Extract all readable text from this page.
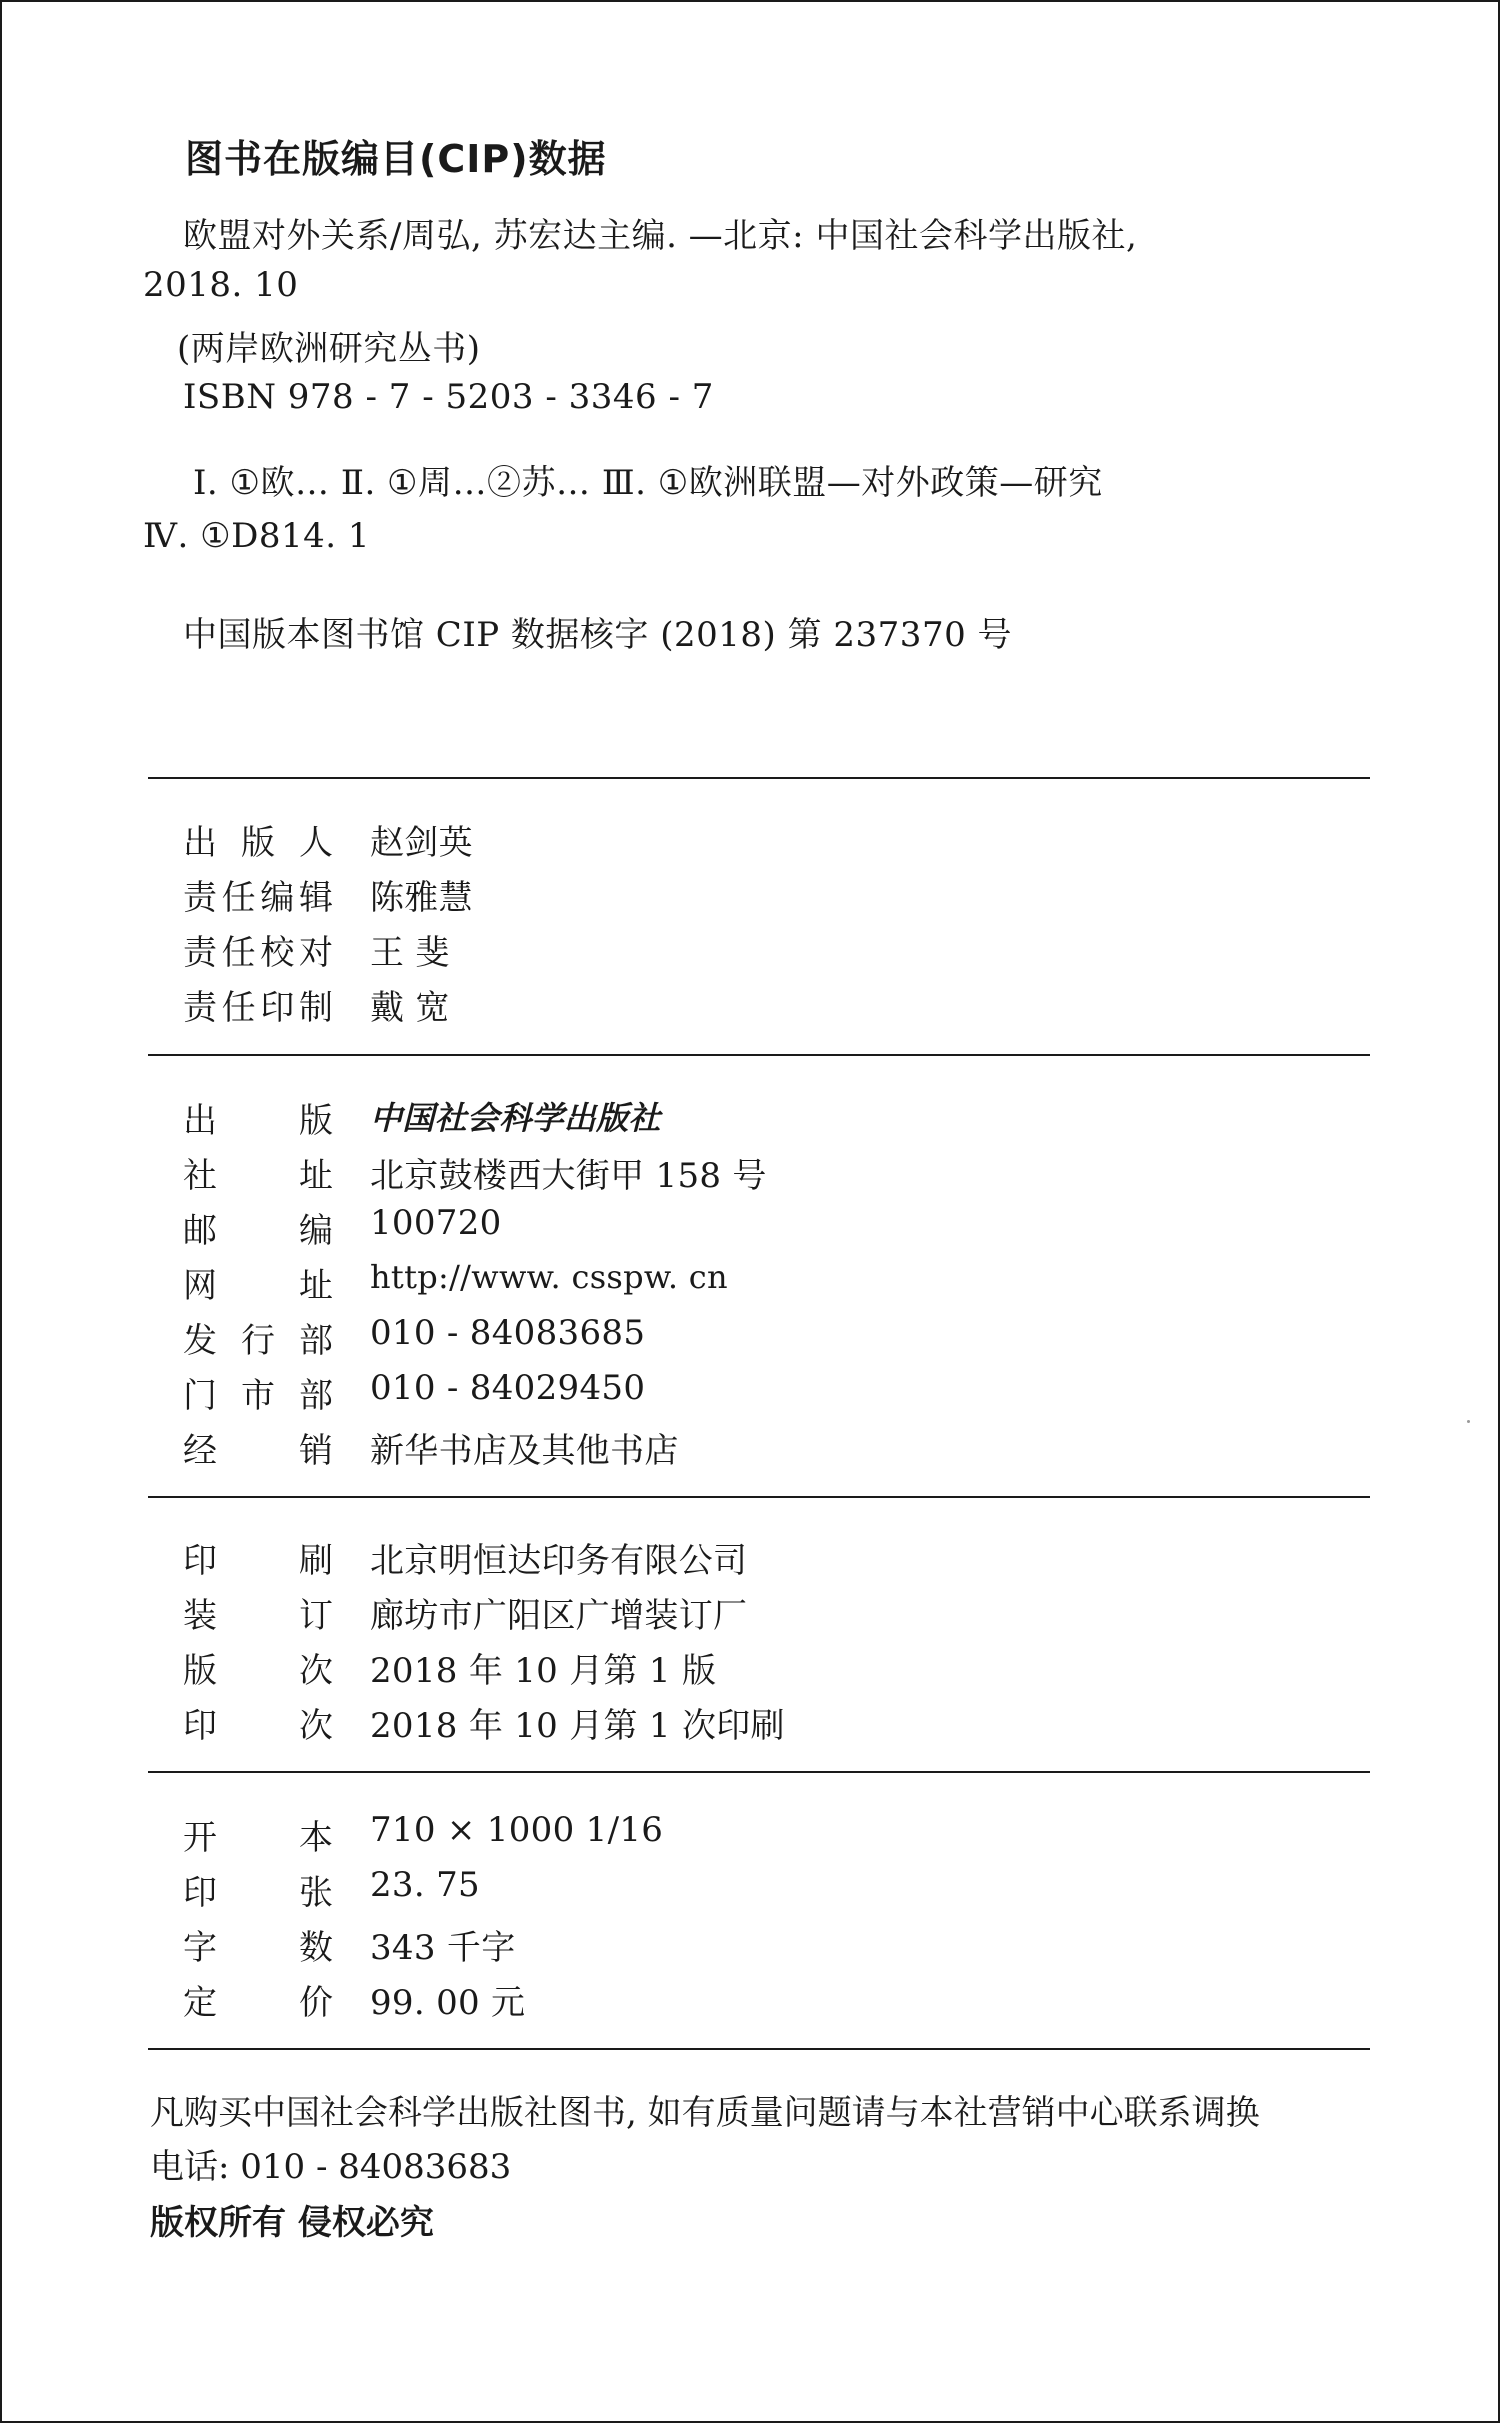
图书在版编目(CIP)数据
欧盟对外关系∕周弘, 苏宏达主编. —北京: 中国社会科学出版社,
2018. 10
(两岸欧洲研究丛书)
ISBN 978 - 7 - 5203 - 3346 - 7
Ⅰ. ①欧… Ⅱ. ①周…②苏… Ⅲ. ①欧洲联盟—对外政策—研究
Ⅳ. ①D814. 1
中国版本图书馆 CIP 数据核字 (2018) 第 237370 号
出 版 人 赵剑英
责 任 编 辑 陈雅慧
责 任 校 对 王 斐
责 任 印 制 戴 宽
出 版 中国社会科学出版社
社 址 北京鼓楼西大街甲 158 号
邮 编 100720
网 址 http://www. csspw. cn
发 行 部 010 - 84083685
门 市 部 010 - 84029450
经 销 新华书店及其他书店
印 刷 北京明恒达印务有限公司
装 订 廊坊市广阳区广增装订厂
版 次 2018 年 10 月第 1 版
印 次 2018 年 10 月第 1 次印刷
开 本 710 × 1000 1/16
印 张 23. 75
字 数 343 千字
定 价 99. 00 元
凡购买中国社会科学出版社图书, 如有质量问题请与本社营销中心联系调换
电话: 010 - 84083683
版权所有 侵权必究
